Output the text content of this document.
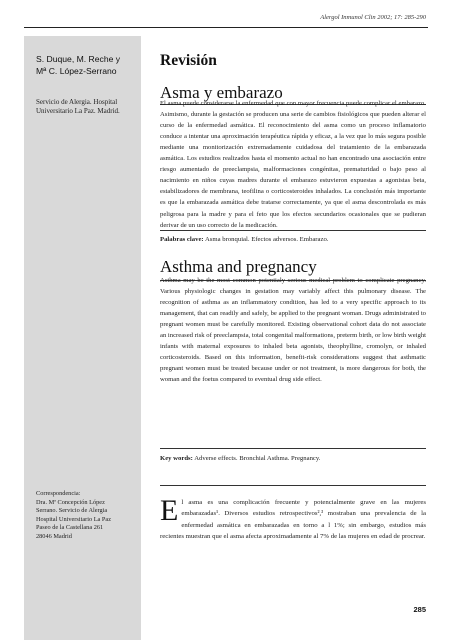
Alergol Inmunol Clin 2002; 17: 285-290
S. Duque, M. Reche y
Mª C. López-Serrano
Servicio de Alergia. Hospital Universitario La Paz. Madrid.
Correspondencia:
Dra. Mª Concepción López
Serrano. Servicio de Alergia
Hospital Universitario La Paz
Paseo de la Castellana 261
28046 Madrid
Revisión
Asma y embarazo

El asma puede considerarse la enfermedad que con mayor frecuencia puede complicar el embarazo. Asimismo, durante la gestación se producen una serie de cambios fisiológicos que pueden alterar el curso de la enfermedad asmática. El reconocimiento del asma como un proceso inflamatorio conduce a intentar una aproximación terapéutica rápida y eficaz, a la vez que lo más segura posible mediante una monitorización extremadamente cuidadosa del tratamiento de la embarazada asmática. Los estudios realizados hasta el momento actual no han encontrado una asociación entre riesgo aumentado de preeclampsia, malformaciones congénitas, prematuridad o bajo peso al nacimiento en niños cuyas madres durante el embarazo estuvieron expuestas a agonistas beta, estabilizadores de membrana, teofilina o corticosteroides inhalados. La conclusión más importante es que la embarazada asmática debe tratarse correctamente, ya que el asma descontrolada es más peligrosa para la madre y para el feto que los efectos secundarios ocasionales que se pudieran derivar de un uso correcto de la medicación.

Palabras clave: Asma bronquial. Efectos adversos. Embarazo.
Asthma and pregnancy

Asthma may be the most common potentialy serious medical problem to complicate pregnancy. Various physiologic changes in gestation may variably affect this pulmonary disease. The recognition of asthma as an inflammatory condition, has led to a very specific approach to its management, that can readily and safely, be applied to the pregnant woman. Drugs administrated to pregnant women must be carefully monitored. Existing observational cohort data do not associate an increased risk of preeclampsia, total congenital malformations, preterm birth, or low birth weight infants with maternal exposures to inhaled beta agonists, theophylline, cromolyn, or inhaled corticosteroids. Based on this information, benefit-risk considerations suggest that asthmatic pregnant women must be treated because under or not treatment, is more dangerous for both, the woman and the foetus compared to eventual drug side effect.

Key words: Adverse effects. Bronchial Asthma. Pregnancy.
E l asma es una complicación frecuente y potencialmente grave en las mujeres embarazadas¹. Diversos estudios retrospectivos²,³ mostraban una prevalencia de la enfermedad asmática en embarazadas en torno a l 1%; sin embargo, estudios más recientes muestran que el asma afecta aproximadamente al 7% de las mujeres en edad de procrear.
285
